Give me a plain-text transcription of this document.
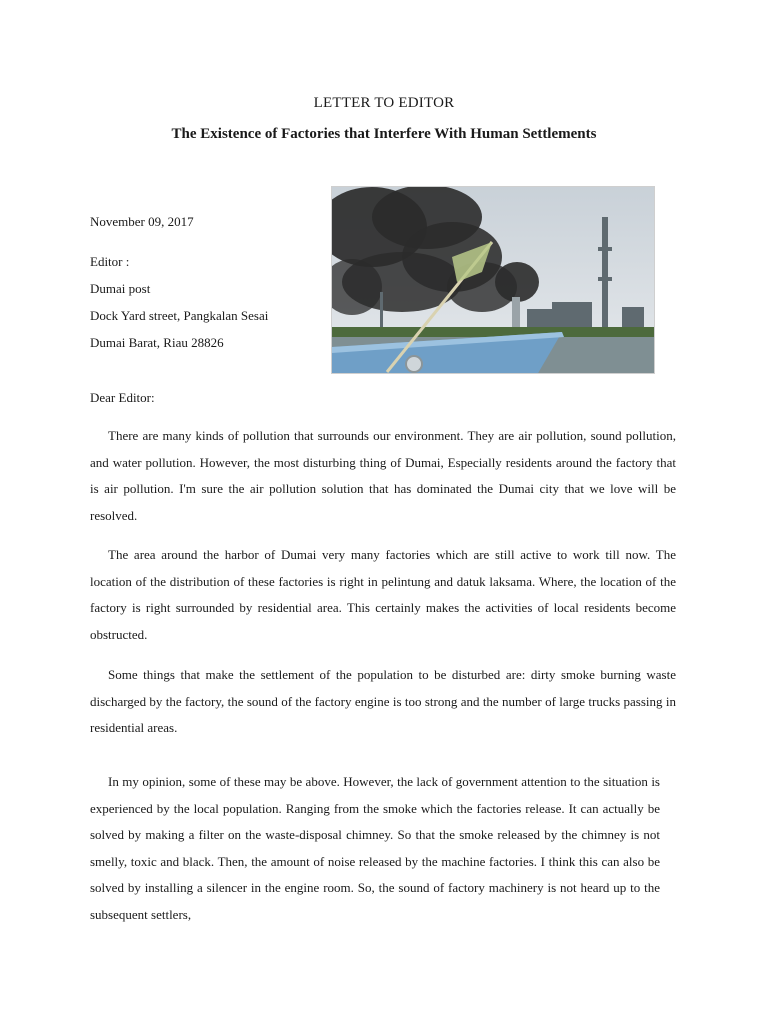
LETTER TO EDITOR
The Existence of Factories that Interfere With Human Settlements
November 09, 2017
Editor :
Dumai post
Dock Yard street, Pangkalan Sesai
Dumai Barat, Riau 28826

Dear Editor:

There are many kinds of pollution that surrounds our environment. They are air pollution, sound pollution, and water pollution. However, the most disturbing thing of Dumai, Especially residents around the factory that is air pollution. I'm sure the air pollution solution that has dominated the Dumai city that we love will be resolved.

The area around the harbor of Dumai very many factories which are still active to work till now. The location of the distribution of these factories is right in pelintung and datuk laksama. Where, the location of the factory is right surrounded by residential area. This certainly makes the activities of local residents become obstructed.

Some things that make the settlement of the population to be disturbed are: dirty smoke burning waste discharged by the factory, the sound of the factory engine is too strong and the number of large trucks passing in residential areas.

In my opinion, some of these may be above. However, the lack of government attention to the situation is experienced by the local population. Ranging from the smoke which the factories release. It can actually be solved by making a filter on the waste-disposal chimney. So that the smoke released by the chimney is not smelly, toxic and black. Then, the amount of noise released by the machine factories. I think this can also be solved by installing a silencer in the engine room. So, the sound of factory machinery is not heard up to the subsequent settlers,
